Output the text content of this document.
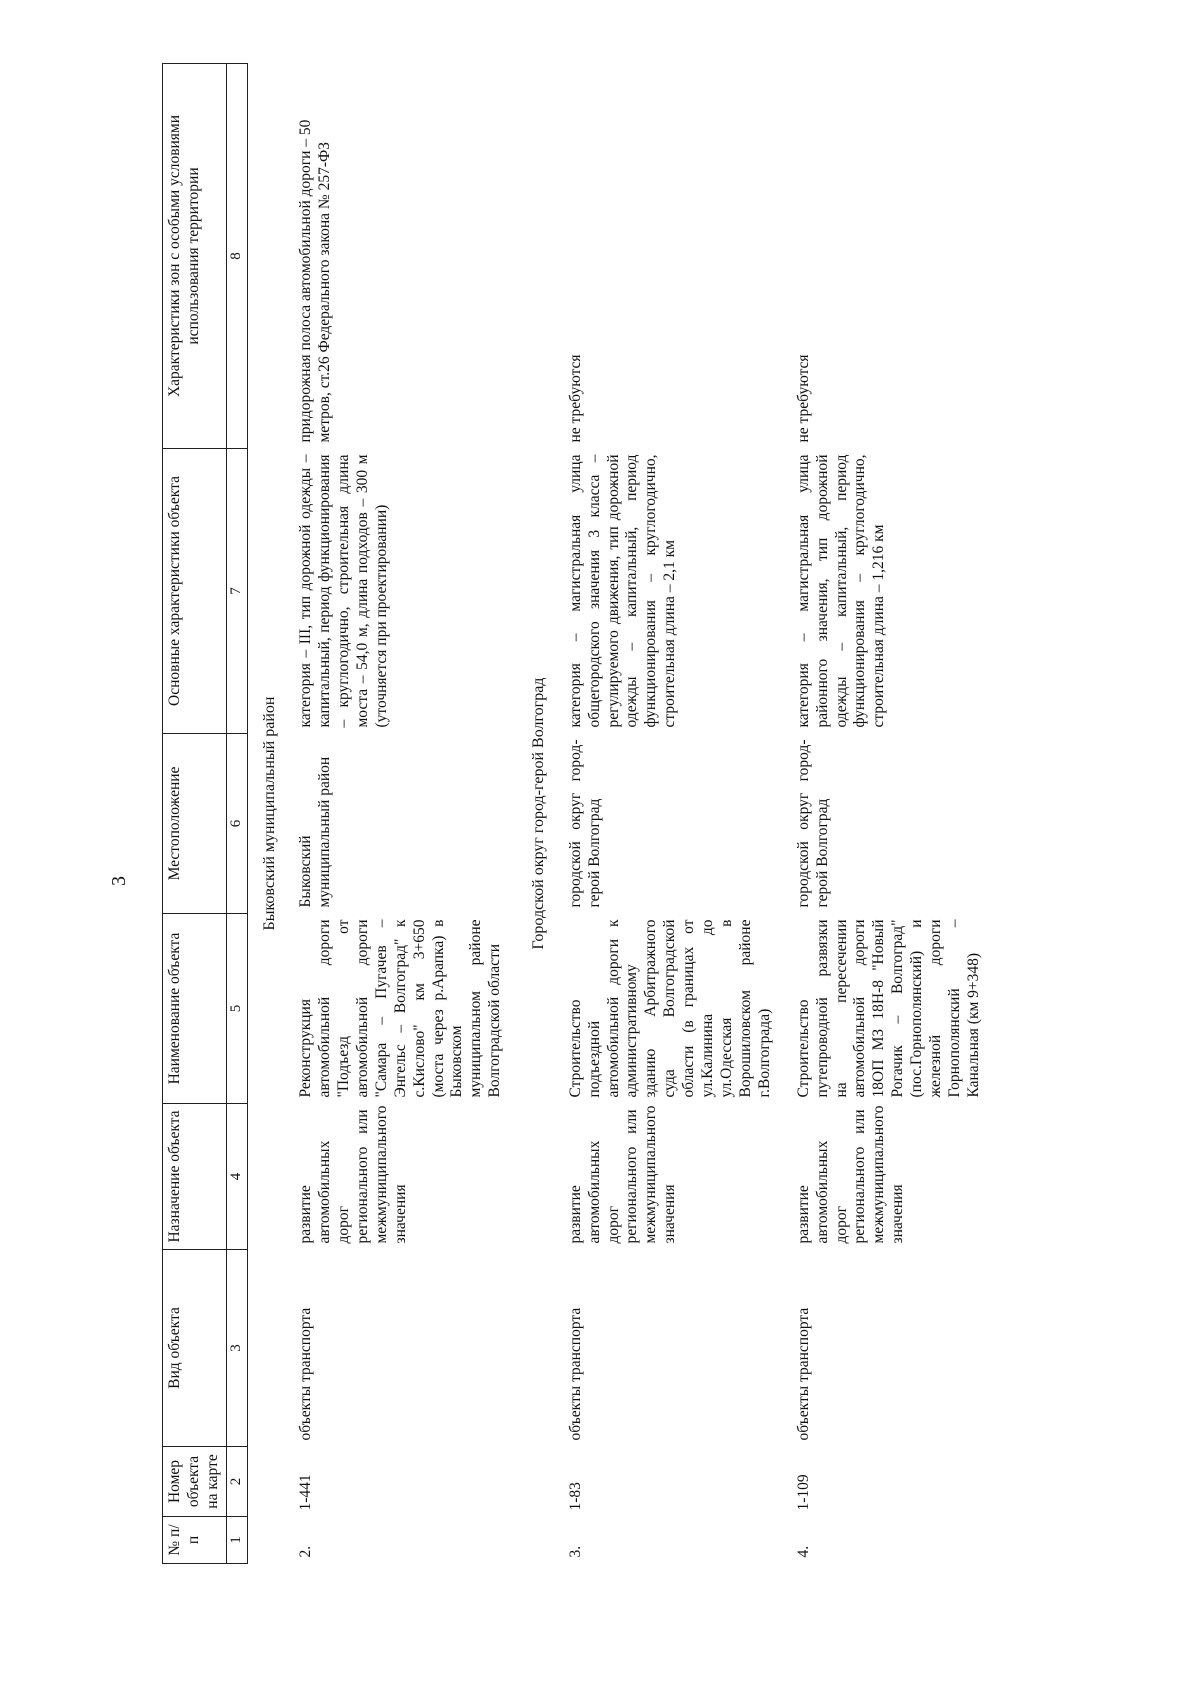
3
№ п/п	Номер объекта на карте	Вид объекта	Назначение объекта	Наименование объекта	Местоположение	Основные характеристики объекта	Характеристики зон с особыми условиями использования территории
1	2	3	4	5	6	7	8
Быковский муниципальный район							
2.	1-441	объекты транспорта	развитие автомобильных дорог регионального или межмуниципального значения	Реконструкция автомобильной дороги "Подъезд от автомобильной дороги "Самара – Пугачев – Энгельс – Волгоград" к с.Кислово" км 3+650 (моста через р.Арапка) в Быковском муниципальном районе Волгоградской области	Быковский муниципальный район	категория – III, тип дорожной одежды – капитальный, период функционирования – круглогодично, строительная длина моста – 54,0 м, длина подходов – 300 м (уточняется при проектировании)	придорожная полоса автомобильной дороги – 50 метров, ст.26 Федерального закона № 257-ФЗ
Городской округ город-герой Волгоград							
3.	1-83	объекты транспорта	развитие автомобильных дорог регионального или межмуниципального значения	Строительство подъездной автомобильной дороги к административному зданию Арбитражного суда Волгоградской области (в границах от ул.Калинина до ул.Одесская в Ворошиловском районе г.Волгограда)	городской округ город-герой Волгоград	категория – магистральная улица общегородского значения 3 класса – регулируемого движения, тип дорожной одежды – капитальный, период функционирования – круглогодично, строительная длина – 2,1 км	не требуются
4.	1-109	объекты транспорта	развитие автомобильных дорог регионального или межмуниципального значения	Строительство путепроводной развязки на пересечении автомобильной дороги 18ОП МЗ 18Н-8 "Новый Рогачик – Волгоград" (пос.Горнополянский) и железной дороги Горнополянский – Канальная (км 9+348)	городской округ город-герой Волгоград	категория – магистральная улица районного значения, тип дорожной одежды – капитальный, период функционирования – круглогодично, строительная длина – 1,216 км	не требуются
